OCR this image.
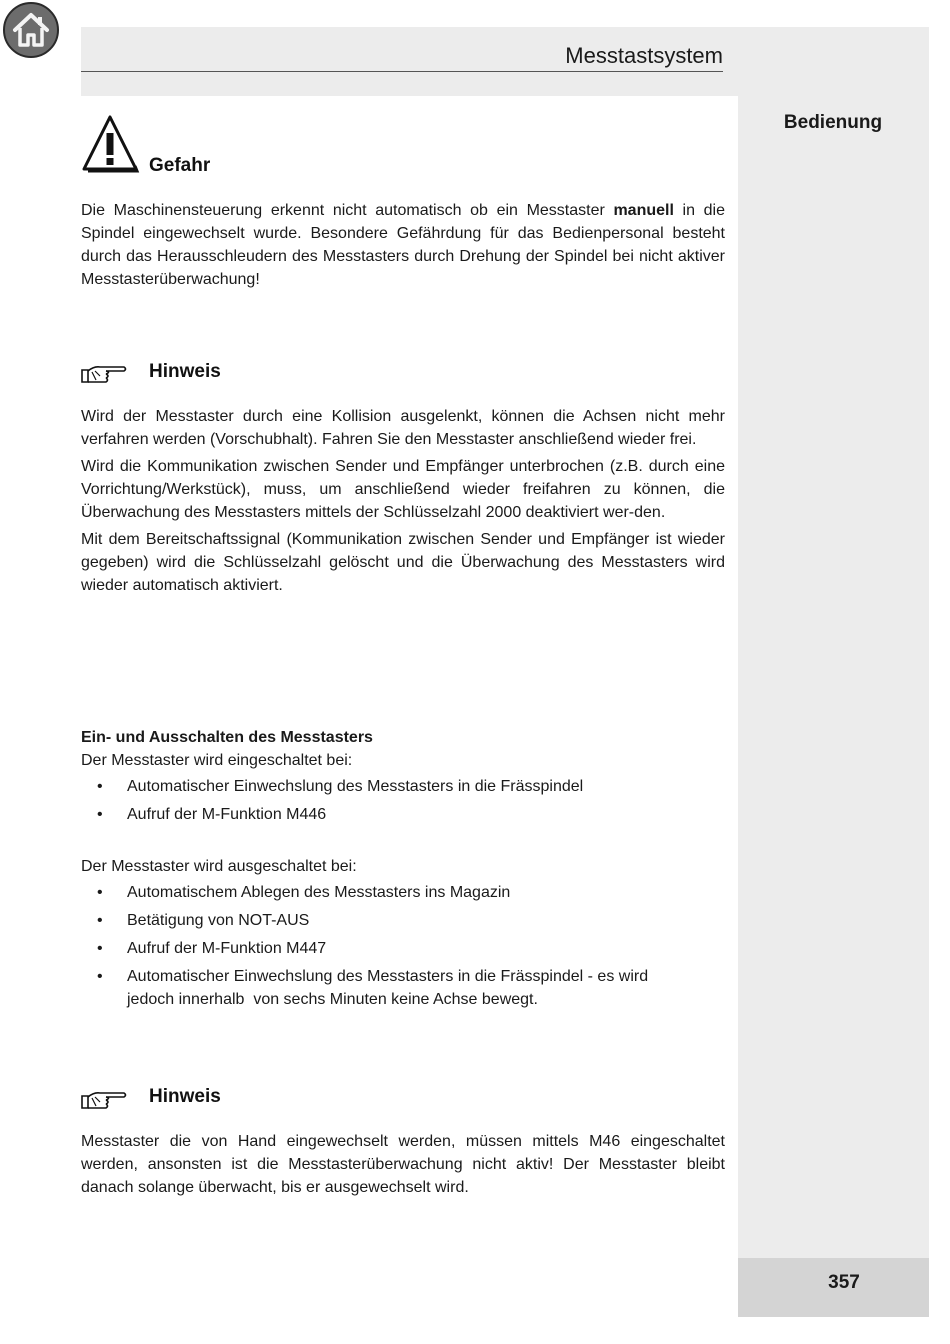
Messtastsystem
Bedienung
357
Gefahr

Die Maschinensteuerung erkennt nicht automatisch ob ein Messtaster manuell in die Spindel eingewechselt wurde. Besondere Gefährdung für das Bedienpersonal besteht durch das Herausschleudern des Messtasters durch Drehung der Spindel bei nicht aktiver Messtasterüberwachung!

Hinweis

Wird der Messtaster durch eine Kollision ausgelenkt, können die Achsen nicht mehr verfahren werden (Vorschubhalt). Fahren Sie den Messtaster anschließend wieder frei.

Wird die Kommunikation zwischen Sender und Empfänger unterbrochen (z.B. durch eine Vorrichtung/Werkstück), muss, um anschließend wieder freifahren zu können, die Überwachung des Messtasters mittels der Schlüsselzahl 2000 deaktiviert wer-den.

Mit dem Bereitschaftssignal (Kommunikation zwischen Sender und Empfänger ist wieder gegeben) wird die Schlüsselzahl gelöscht und die Überwachung des Messtasters wird wieder automatisch aktiviert.

Ein- und Ausschalten des Messtasters

Der Messtaster wird eingeschaltet bei:

• Automatischer Einwechslung des Messtasters in die Frässpindel
• Aufruf der M-Funktion M446

Der Messtaster wird ausgeschaltet bei:

• Automatischem Ablegen des Messtasters ins Magazin
• Betätigung von NOT-AUS
• Aufruf der M-Funktion M447
• Automatischer Einwechslung des Messtasters in die Frässpindel - es wird jedoch innerhalb  von sechs Minuten keine Achse bewegt.
Hinweis

Messtaster die von Hand eingewechselt werden, müssen mittels M46 eingeschaltet werden, ansonsten ist die Messtasterüberwachung nicht aktiv! Der Messtaster bleibt danach solange überwacht, bis er ausgewechselt wird.
